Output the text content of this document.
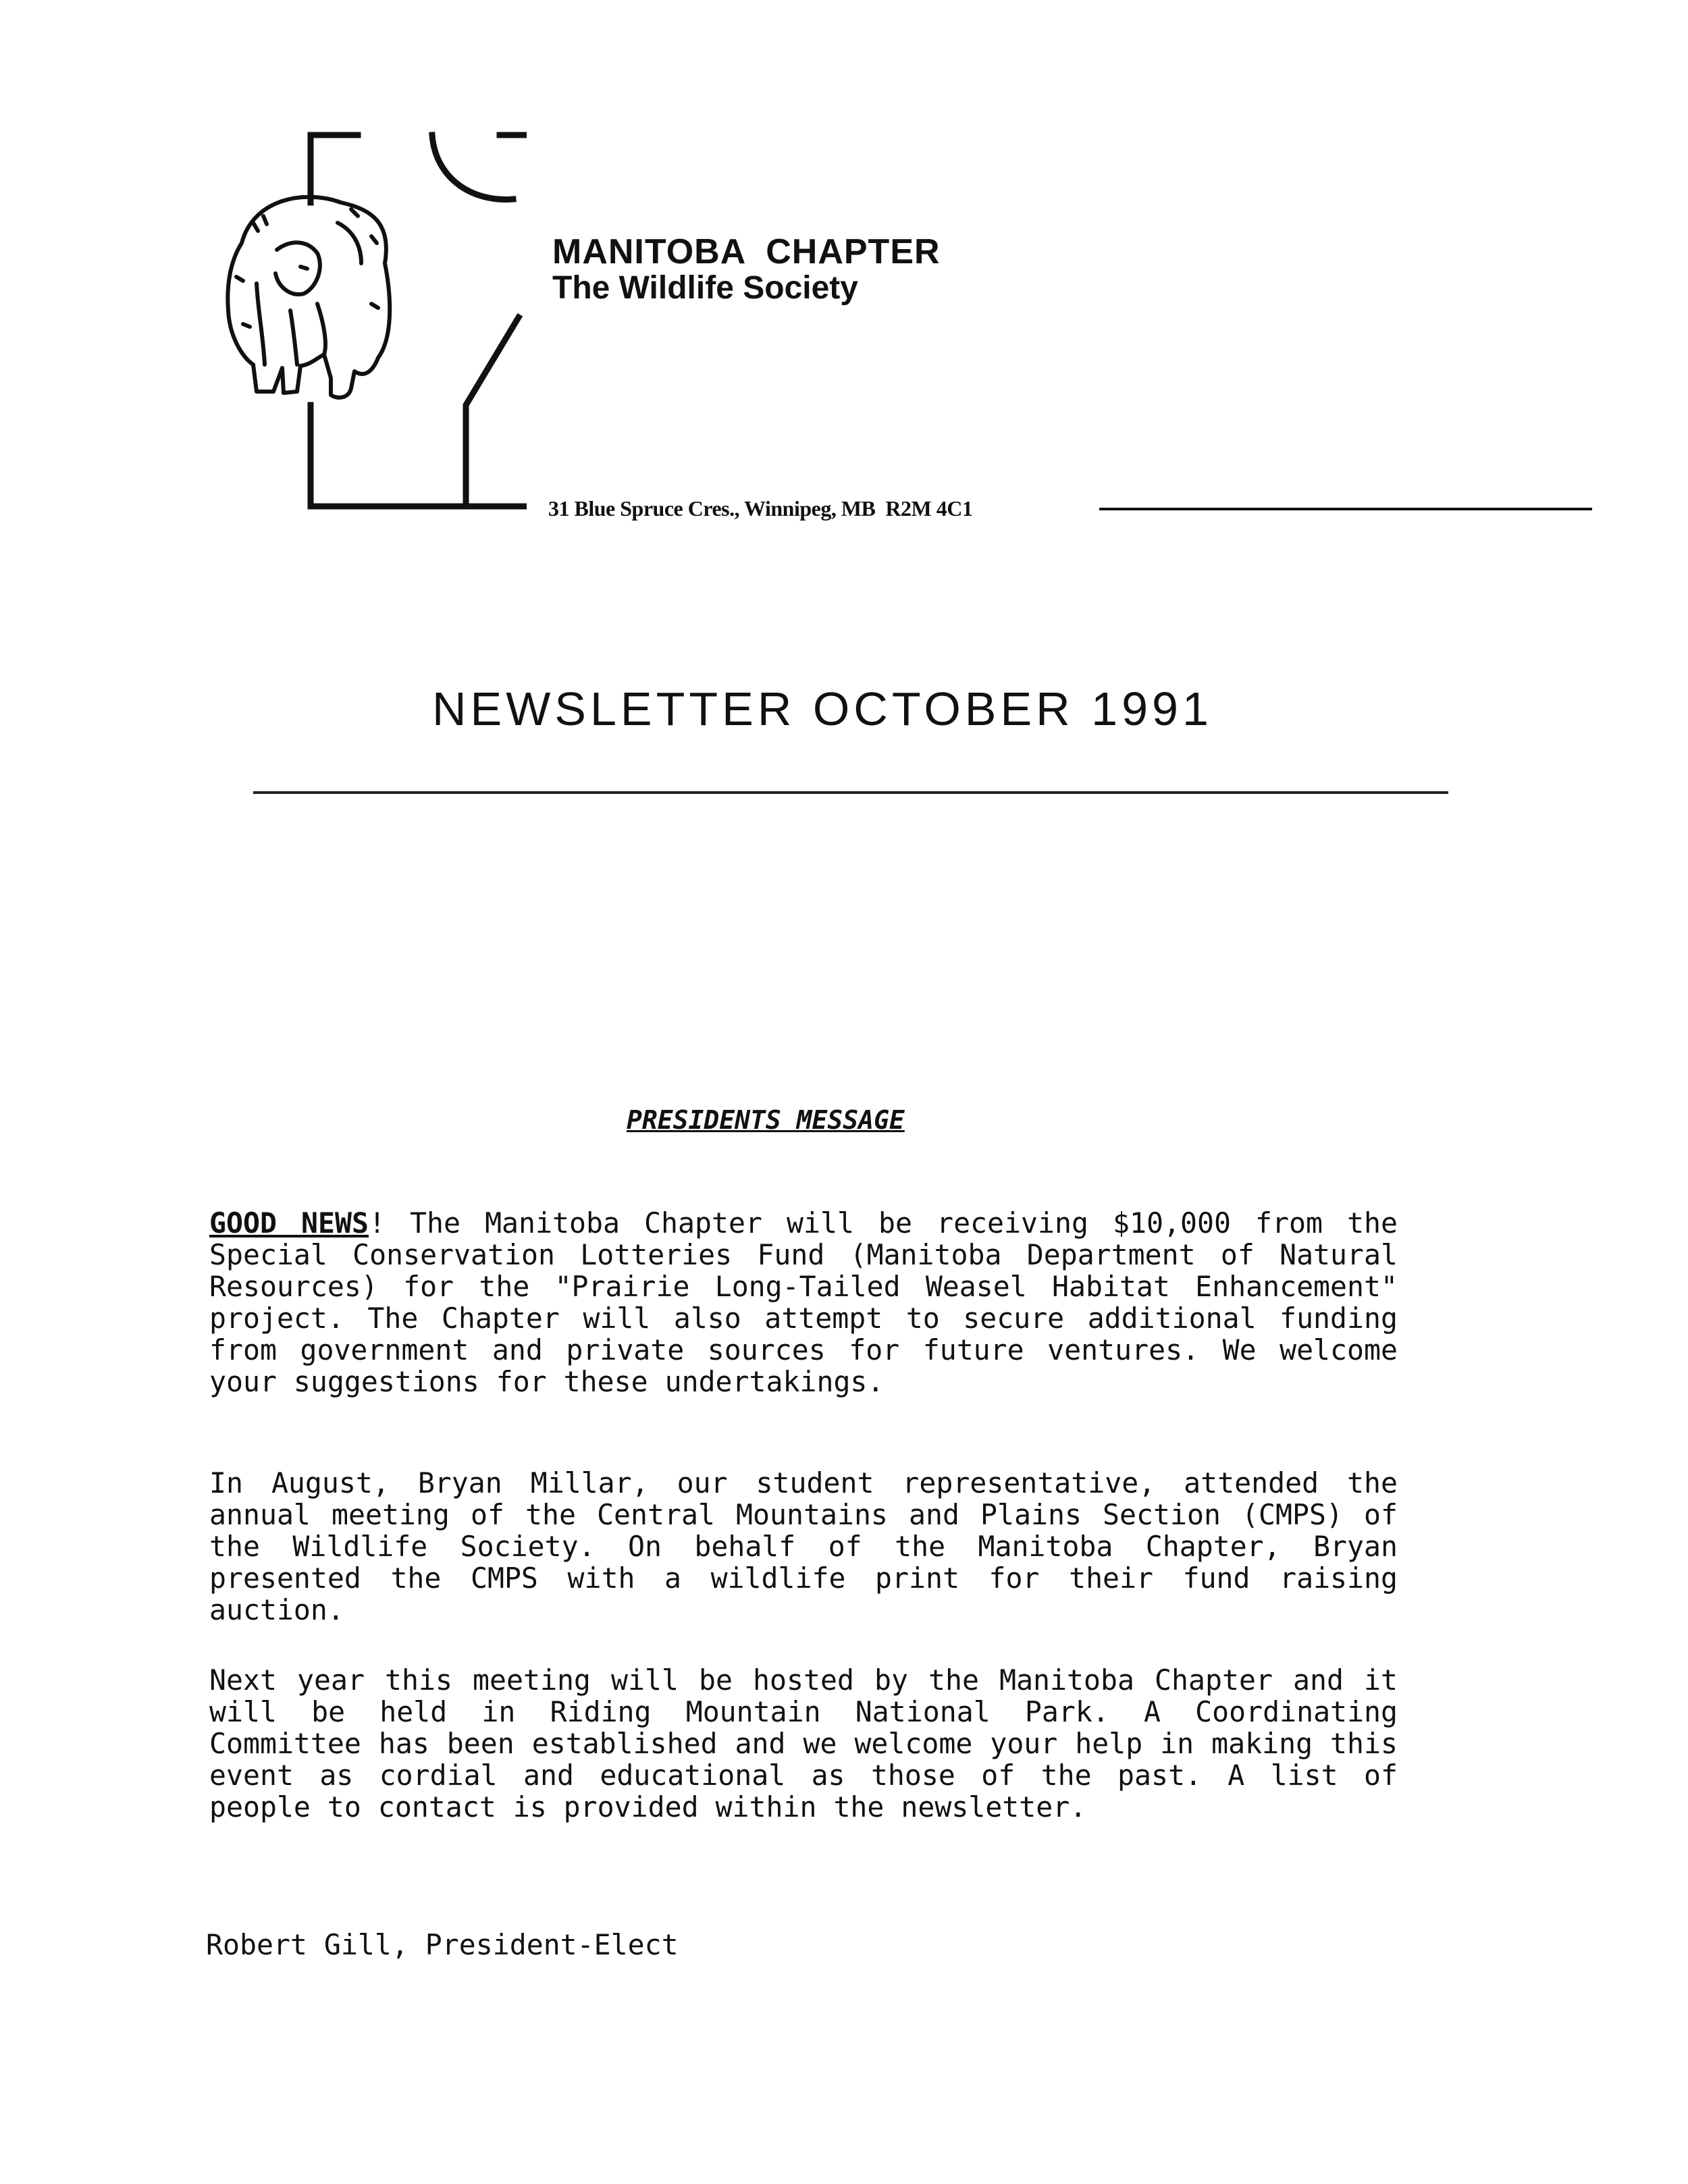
MANITOBA  CHAPTER
The Wildlife Society
31 Blue Spruce Cres., Winnipeg, MB  R2M 4C1
NEWSLETTER OCTOBER 1991
PRESIDENTS MESSAGE
GOOD NEWS! The Manitoba Chapter will be receiving $10,000 from the Special Conservation Lotteries Fund (Manitoba Department of Natural Resources) for the "Prairie Long-Tailed Weasel Habitat Enhancement" project. The Chapter will also attempt to secure additional funding from government and private sources for future ventures. We welcome your suggestions for these undertakings.
In August, Bryan Millar, our student representative, attended the annual meeting of the Central Mountains and Plains Section (CMPS) of the Wildlife Society. On behalf of the Manitoba Chapter, Bryan presented the CMPS with a wildlife print for their fund raising auction.
Next year this meeting will be hosted by the Manitoba Chapter and it will be held in Riding Mountain National Park. A Coordinating Committee has been established and we welcome your help in making this event as cordial and educational as those of the past. A list of people to contact is provided within the newsletter.
Robert Gill, President-Elect
